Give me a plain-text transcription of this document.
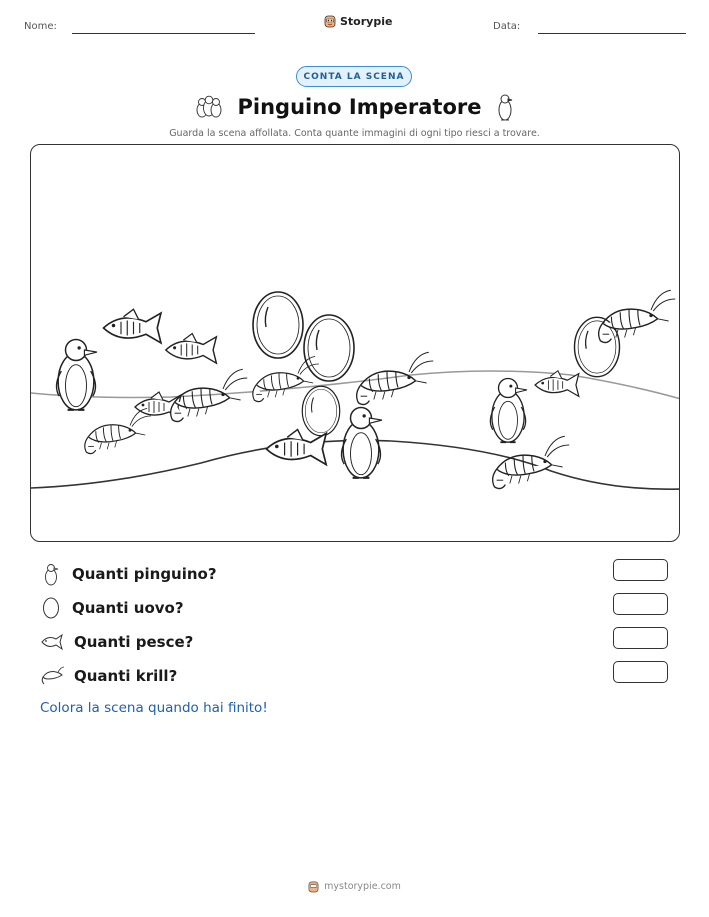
Nome:	Storypie	Data:
CONTA LA SCENA
Pinguino Imperatore
Guarda la scena affollata. Conta quante immagini di ogni tipo riesci a trovare.
Quanti pinguino?
Quanti uovo?
Quanti pesce?
Quanti krill?
Colora la scena quando hai finito!
mystorypie.com
